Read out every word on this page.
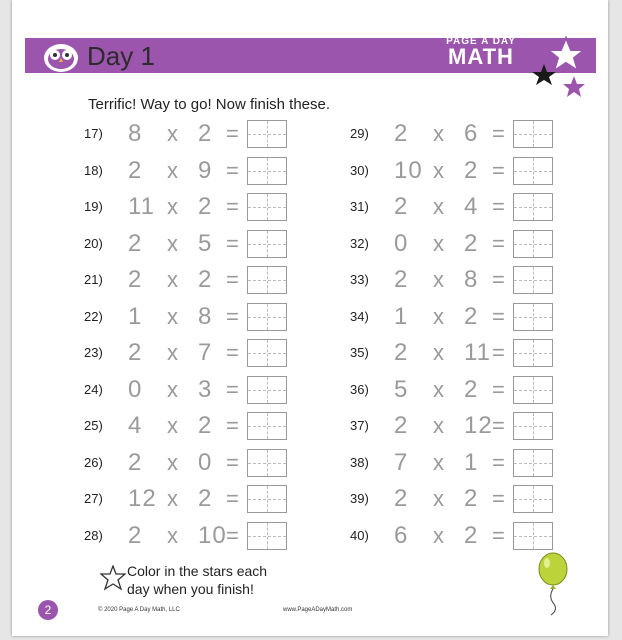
Day 1	PAGE A DAY
MATH
Terrific! Way to go! Now finish these.
17)	8 x 2 =
18)	2 x 9 =
19)	11 x 2 =
20)	2 x 5 =
21)	2 x 2 =
22)	1 x 8 =
23)	2 x 7 =
24)	0 x 3 =
25)	4 x 2 =
26)	2 x 0 =
27)	12 x 2 =
28)	2 x 10 =
29)	2 x 6 =
30)	10 x 2 =
31)	2 x 4 =
32)	0 x 2 =
33)	2 x 8 =
34)	1 x 2 =
35)	2 x 11 =
36)	5 x 2 =
37)	2 x 12 =
38)	7 x 1 =
39)	2 x 2 =
40)	6 x 2 =
Color in the stars each
day when you finish!
2	© 2020 Page A Day Math, LLC	www.PageADayMath.com
